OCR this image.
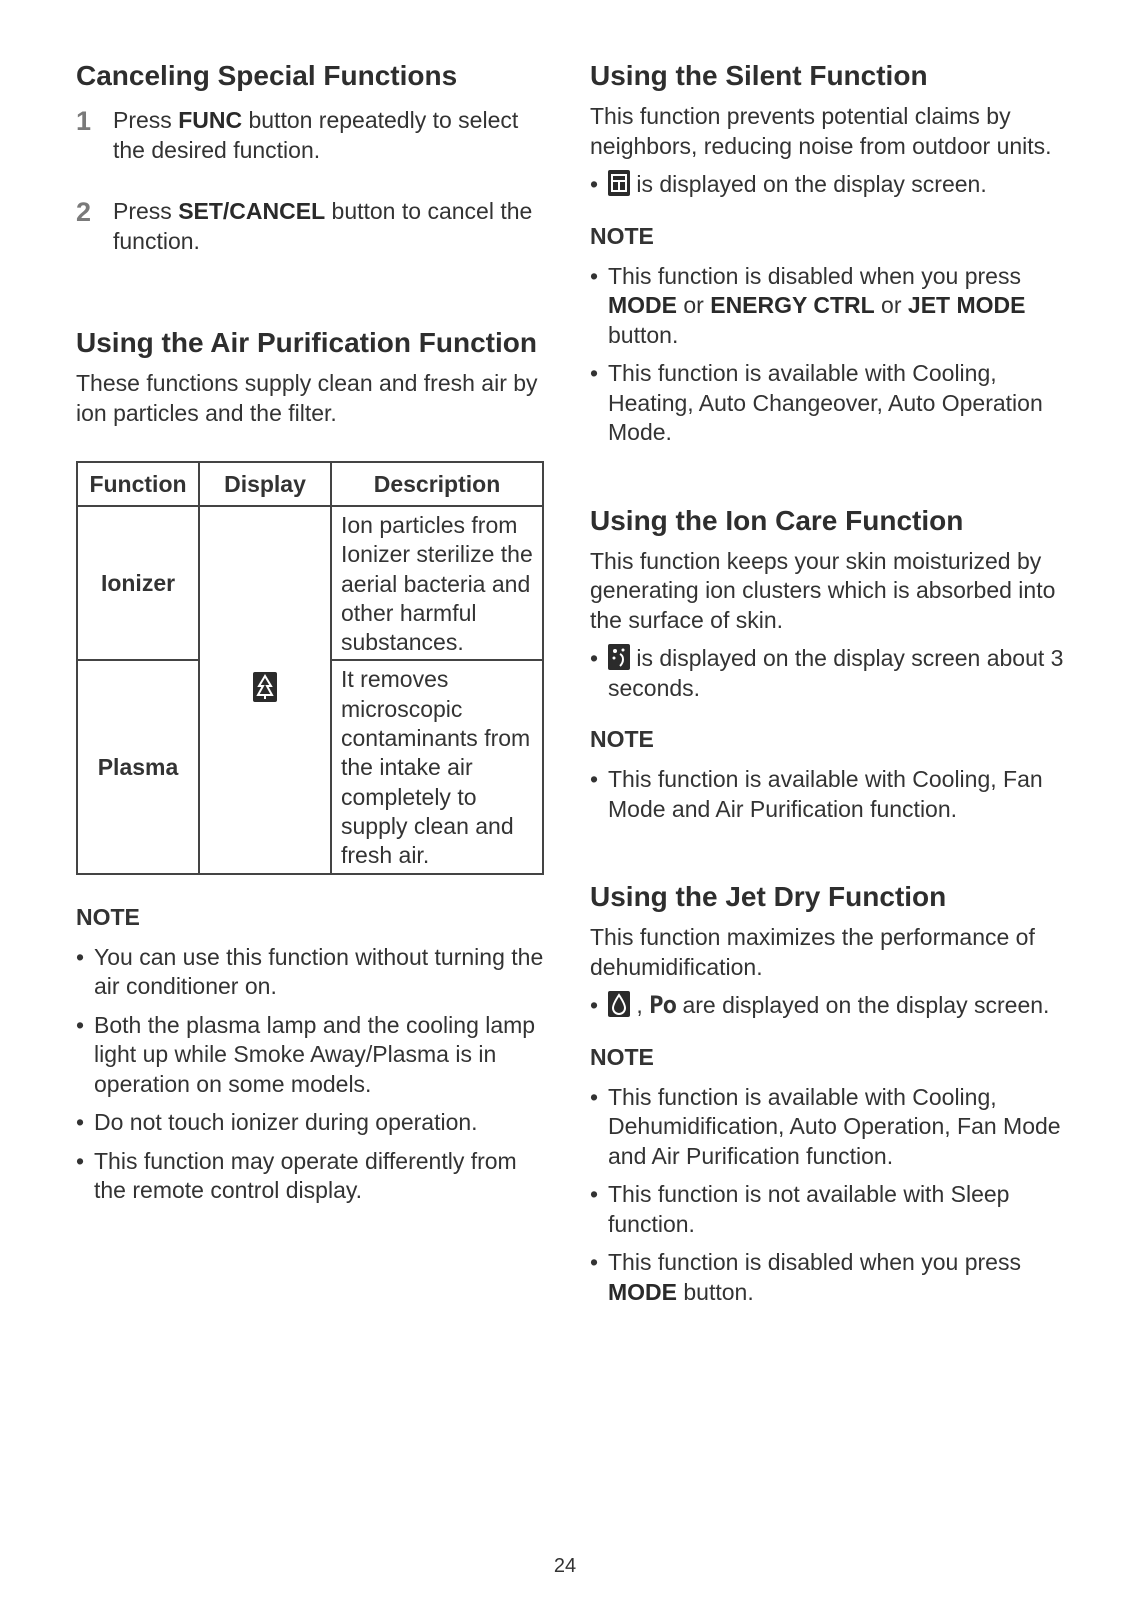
Canceling Special Functions
1 Press FUNC button repeatedly to select the desired function.
2 Press SET/CANCEL button to cancel the function.
Using the Air Purification Function

These functions supply clean and fresh air by ion particles and the filter.

Function	Display	Description
Ionizer		Ion particles from Ionizer sterilize the aerial bacteria and other harmful substances.
Plasma		It removes microscopic contaminants from the intake air completely to supply clean and fresh air.

NOTE

• You can use this function without turning the air conditioner on.
• Both the plasma lamp and the cooling lamp light up while Smoke Away/Plasma is in operation on some models.
• Do not touch ionizer during operation.
• This function may operate differently from the remote control display.
Using the Silent Function

This function prevents potential claims by neighbors, reducing noise from outdoor units.

• is displayed on the display screen.

NOTE

• This function is disabled when you press MODE or ENERGY CTRL or JET MODE button.
• This function is available with Cooling, Heating, Auto Changeover, Auto Operation Mode.
Using the Ion Care Function

This function keeps your skin moisturized by generating ion clusters which is absorbed into the surface of skin.

• is displayed on the display screen about 3 seconds.

NOTE

• This function is available with Cooling, Fan Mode and Air Purification function.
Using the Jet Dry Function

This function maximizes the performance of dehumidification.

• , Po are displayed on the display screen.

NOTE

• This function is available with Cooling, Dehumidification, Auto Operation, Fan Mode and Air Purification function.
• This function is not available with Sleep function.
• This function is disabled when you press MODE button.
24
